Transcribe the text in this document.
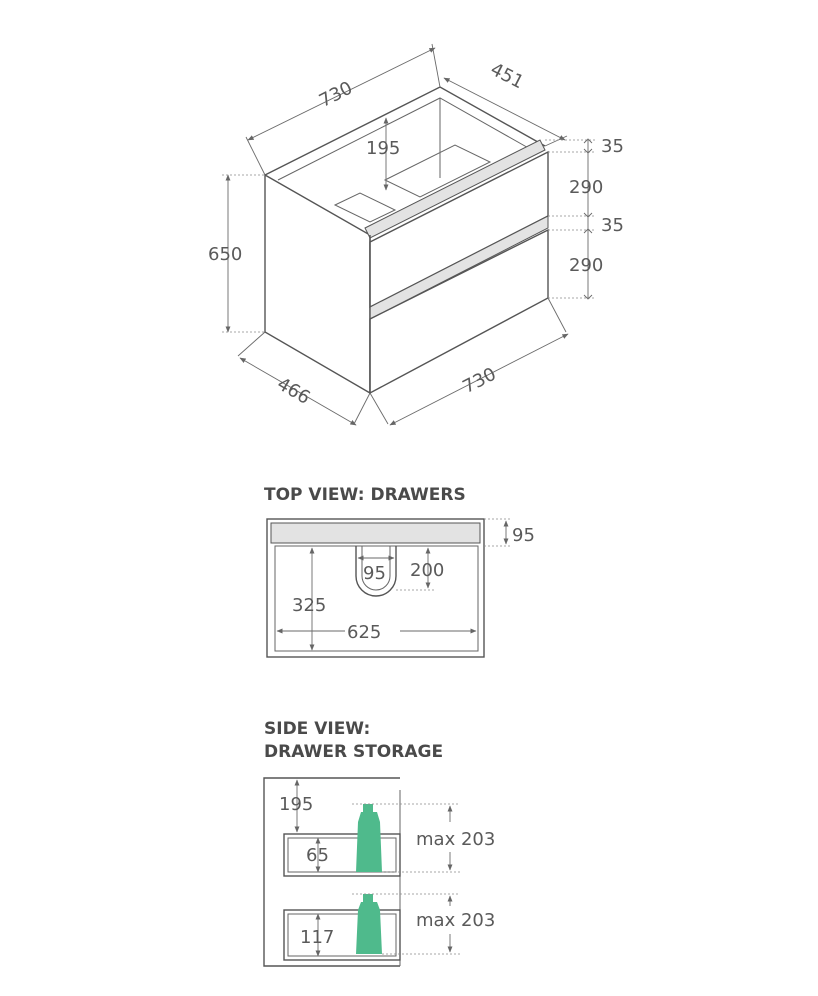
730
451
650
195	35
290
35
290
466	730
TOP VIEW: DRAWERS
95
95 200
325
625
SIDE VIEW:
DRAWER STORAGE
195
65
max 203
117
max 203
